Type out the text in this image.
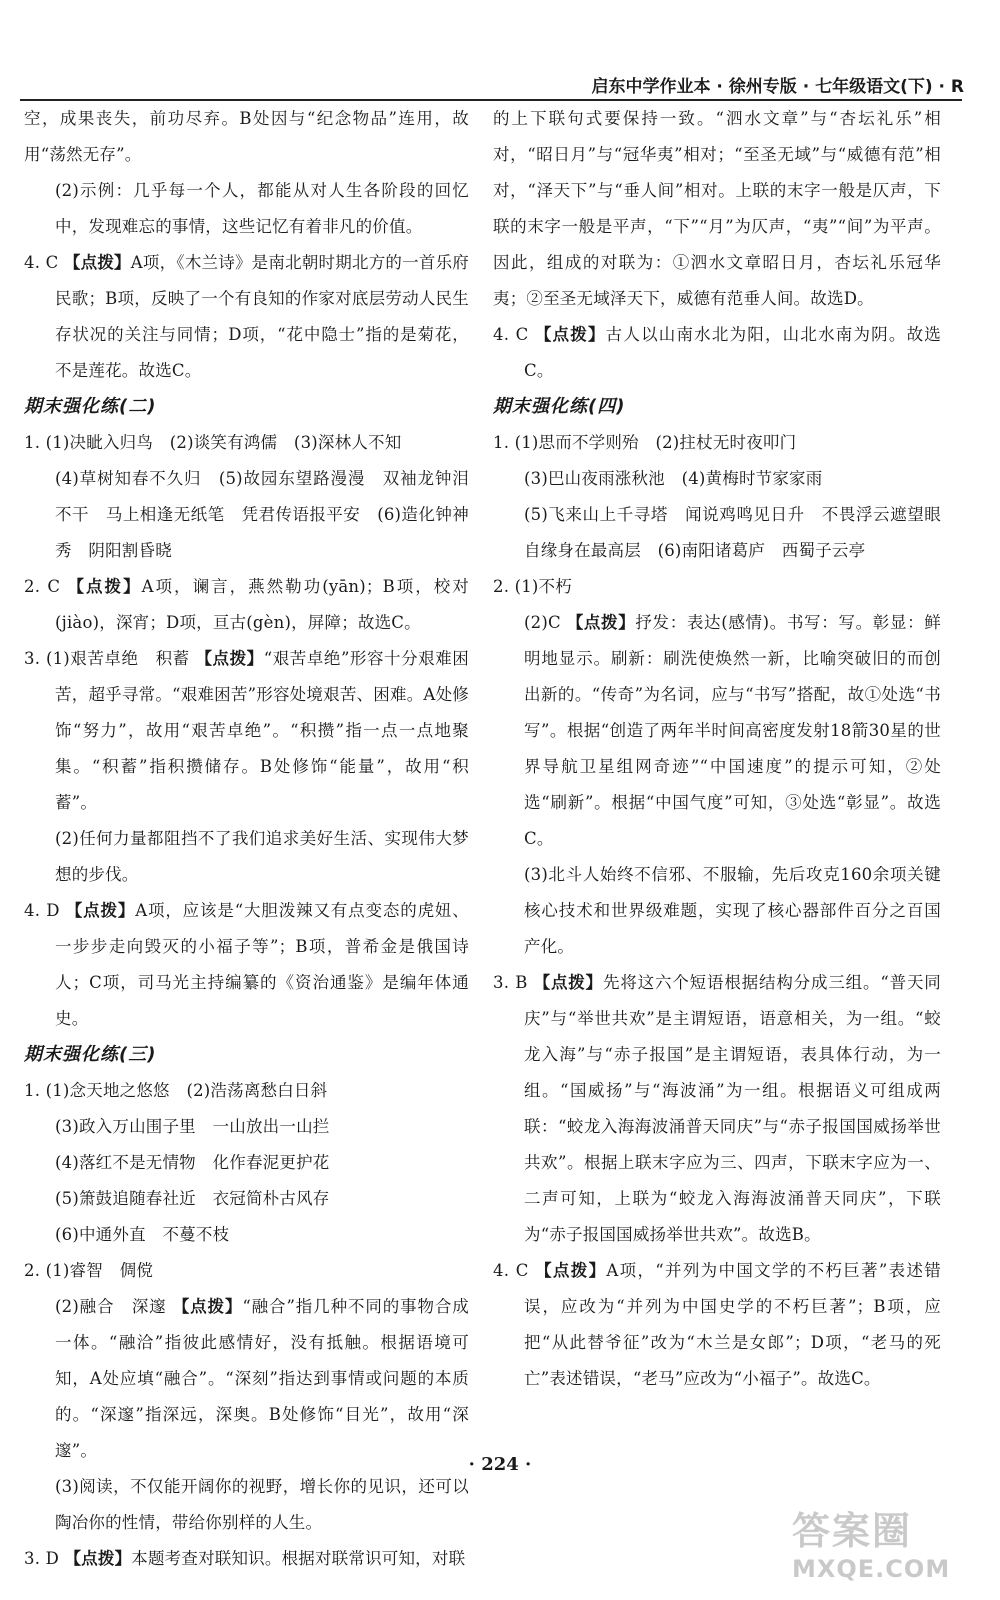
启东中学作业本 · 徐州专版 · 七年级语文(下) · R

空，成果丧失，前功尽弃。B处因与“纪念物品”连用，故用“荡然无存”。

(2)示例：几乎每一个人，都能从对人生各阶段的回忆中，发现难忘的事情，这些记忆有着非凡的价值。

4. C 【点拨】A项，《木兰诗》是南北朝时期北方的一首乐府民歌；B项，反映了一个有良知的作家对底层劳动人民生存状况的关注与同情；D项，“花中隐士”指的是菊花，不是莲花。故选C。

期末强化练(二)

1. (1)决眦入归鸟　(2)谈笑有鸿儒　(3)深林人不知

(4)草树知春不久归　(5)故园东望路漫漫　双袖龙钟泪不干　马上相逢无纸笔　凭君传语报平安　(6)造化钟神秀　阴阳割昏晓

2. C 【点拨】A项，谰言，燕然勒功(yān)；B项，校对(jiào)，深宵；D项，亘古(gèn)，屏障；故选C。

3. (1)艰苦卓绝　积蓄 【点拨】“艰苦卓绝”形容十分艰难困苦，超乎寻常。“艰难困苦”形容处境艰苦、困难。A处修饰“努力”，故用“艰苦卓绝”。“积攒”指一点一点地聚集。“积蓄”指积攒储存。B处修饰“能量”，故用“积蓄”。

(2)任何力量都阻挡不了我们追求美好生活、实现伟大梦想的步伐。

4. D 【点拨】A项，应该是“大胆泼辣又有点变态的虎妞、一步步走向毁灭的小福子等”；B项，普希金是俄国诗人；C项，司马光主持编纂的《资治通鉴》是编年体通史。

期末强化练(三)

1. (1)念天地之悠悠　(2)浩荡离愁白日斜

(3)政入万山围子里　一山放出一山拦

(4)落红不是无情物　化作春泥更护花

(5)箫鼓追随春社近　衣冠简朴古风存

(6)中通外直　不蔓不枝

2. (1)睿智　倜傥

(2)融合　深邃 【点拨】“融合”指几种不同的事物合成一体。“融洽”指彼此感情好，没有抵触。根据语境可知，A处应填“融合”。“深刻”指达到事情或问题的本质的。“深邃”指深远，深奥。B处修饰“目光”，故用“深邃”。

(3)阅读，不仅能开阔你的视野，增长你的见识，还可以陶冶你的性情，带给你别样的人生。

3. D 【点拨】本题考查对联知识。根据对联常识可知，对联

的上下联句式要保持一致。“泗水文章”与“杏坛礼乐”相对，“昭日月”与“冠华夷”相对；“至圣无域”与“威德有范”相对，“泽天下”与“垂人间”相对。上联的末字一般是仄声，下联的末字一般是平声，“下”“月”为仄声，“夷”“间”为平声。因此，组成的对联为：①泗水文章昭日月，杏坛礼乐冠华夷；②至圣无域泽天下，威德有范垂人间。故选D。

4. C 【点拨】古人以山南水北为阳，山北水南为阴。故选C。

期末强化练(四)

1. (1)思而不学则殆　(2)拄杖无时夜叩门

(3)巴山夜雨涨秋池　(4)黄梅时节家家雨

(5)飞来山上千寻塔　闻说鸡鸣见日升　不畏浮云遮望眼　自缘身在最高层　(6)南阳诸葛庐　西蜀子云亭

2. (1)不朽

(2)C 【点拨】抒发：表达(感情)。书写：写。彰显：鲜明地显示。刷新：刷洗使焕然一新，比喻突破旧的而创出新的。“传奇”为名词，应与“书写”搭配，故①处选“书写”。根据“创造了两年半时间高密度发射18箭30星的世界导航卫星组网奇迹”“中国速度”的提示可知，②处选“刷新”。根据“中国气度”可知，③处选“彰显”。故选C。

(3)北斗人始终不信邪、不服输，先后攻克160余项关键核心技术和世界级难题，实现了核心器部件百分之百国产化。

3. B 【点拨】先将这六个短语根据结构分成三组。“普天同庆”与“举世共欢”是主谓短语，语意相关，为一组。“蛟龙入海”与“赤子报国”是主谓短语，表具体行动，为一组。“国威扬”与“海波涌”为一组。根据语义可组成两联：“蛟龙入海海波涌普天同庆”与“赤子报国国威扬举世共欢”。根据上联末字应为三、四声，下联末字应为一、二声可知，上联为“蛟龙入海海波涌普天同庆”，下联为“赤子报国国威扬举世共欢”。故选B。

4. C 【点拨】A项，“并列为中国文学的不朽巨著”表述错误，应改为“并列为中国史学的不朽巨著”；B项，应把“从此替爷征”改为“木兰是女郎”；D项，“老马的死亡”表述错误，“老马”应改为“小福子”。故选C。

· 224 ·
答案圈
MXQE.COM
